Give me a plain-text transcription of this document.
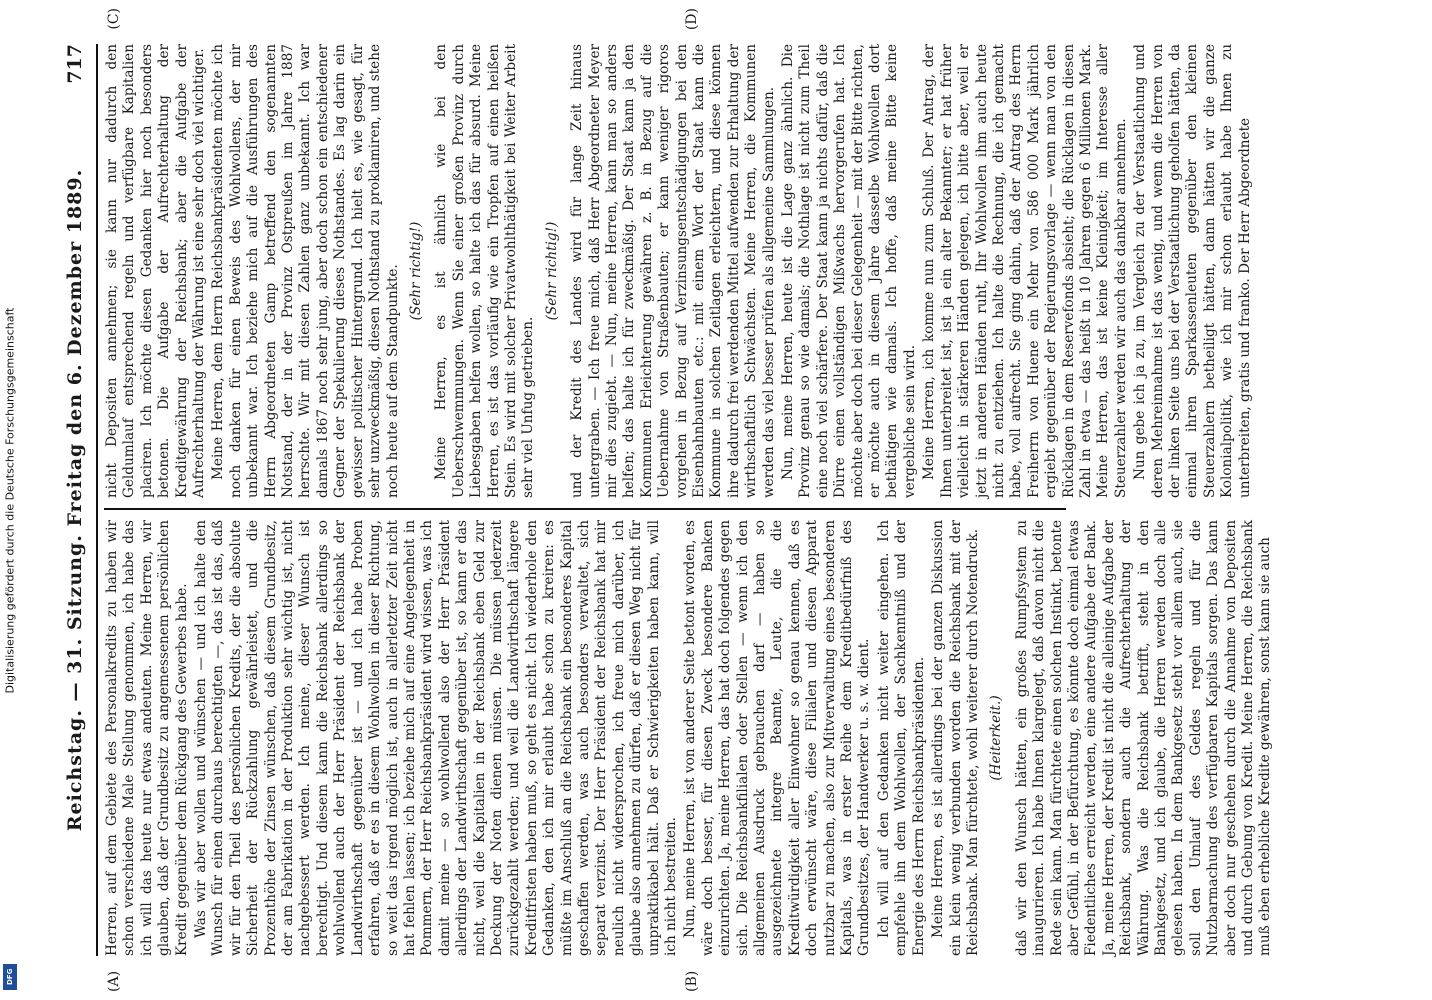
Reichstag. — 31. Sitzung. Freitag den 6. Dezember 1889.
717
(A)	(B)
(C)	(D)

Herren, auf dem Gebiete des Personalkredits zu haben wir schon verschiedene Male Stellung genommen, ich habe das ich will das heute nur etwas andeuten. Meine Herren, wir glauben, daß der Grundbesitz zu angemessenem persönlichen Kredit gegenüber dem Rückgang des Gewerbes habe. Was wir aber wollen und wünschen — und ich halte den Wunsch für einen durchaus berechtigten —, das ist das, daß wir für den Theil des persönlichen Kredits, der die absolute Sicherheit der Rückzahlung gewährleistet, und die Prozenthöhe der Zinsen wünschen, daß diesem Grundbesitz, der am Fabrikation in der Produktion sehr wichtig ist, nicht nachgebessert werden. Ich meine, dieser Wunsch ist berechtigt. Und diesem kann die Reichsbank allerdings so wohlwollend auch der Herr Präsident der Reichsbank der Landwirthschaft gegenüber ist — und ich habe Proben erfahren, daß er es in diesem Wohlwollen in dieser Richtung, so weit das irgend möglich ist, auch in allerletzter Zeit nicht hat fehlen lassen; ich beziehe mich auf eine Angelegenheit in Pommern, der Herr Reichsbankpräsident wird wissen, was ich damit meine — so wohlwollend also der Herr Präsident allerdings der Landwirthschaft gegenüber ist, so kann er das nicht, weil die Kapitalien in der Reichsbank eben Geld zur Deckung der Noten dienen müssen. Die müssen jederzeit zurückgezahlt werden; und weil die Landwirthschaft längere Kreditfristen haben muß, so geht es nicht. Ich wiederhole den Gedanken, den ich mir erlaubt habe schon zu kreiren: es müßte im Anschluß an die Reichsbank ein besonderes Kapital geschaffen werden, was auch besonders verwaltet, sich separat verzinst. Der Herr Präsident der Reichsbank hat mir neulich nicht widersprochen, ich freue mich darüber, ich glaube also annehmen zu dürfen, daß er diesen Weg nicht für unpraktikabel hält. Daß er Schwierigkeiten haben kann, will ich nicht bestreiten. Nun, meine Herren, ist von anderer Seite betont worden, es wäre doch besser, für diesen Zweck besondere Banken einzurichten. Ja, meine Herren, das hat doch folgendes gegen sich. Die Reichsbankfilialen oder Stellen — wenn ich den allgemeinen Ausdruck gebrauchen darf — haben so ausgezeichnete integre Beamte, Leute, die die Kreditwürdigkeit aller Einwohner so genau kennen, daß es doch erwünscht wäre, diese Filialen und diesen Apparat nutzbar zu machen, also zur Mitverwaltung eines besonderen Kapitals, was in erster Reihe dem Kreditbedürfniß des Grundbesitzes, der Handwerker u. s. w. dient. Ich will auf den Gedanken nicht weiter eingehen. Ich empfehle ihn dem Wohlwollen, der Sachkenntniß und der Energie des Herrn Reichsbankpräsidenten. Meine Herren, es ist allerdings bei der ganzen Diskussion ein klein wenig verbunden worden die Reichsbank mit der Reichsbank. Man fürchtete, wohl weiterer durch Notendruck. (Heiterkeit.) daß wir den Wunsch hätten, ein großes Rumpfsystem zu inaugurieren. Ich habe Ihnen klargelegt, daß davon nicht die Rede sein kann. Man fürchtete einen solchen Instinkt, betonte aber Gefühl, in der Befürchtung, es könnte doch einmal etwas Fiedentliches erreicht werden, eine andere Aufgabe der Bank. Ja, meine Herren, der Kredit ist nicht die alleinige Aufgabe der Reichsbank, sondern auch die Aufrechterhaltung der Währung. Was die Reichsbank betrifft, steht in den Bankgesetz, und ich glaube, die Herren werden doch alle gelesen haben. In dem Bankgesetz steht vor allem auch, sie soll den Umlauf des Geldes regeln und für die Nutzbarmachung des verfügbaren Kapitals sorgen. Das kann aber doch nur geschehen durch die Annahme von Depositen und durch Gebung von Kredit. Meine Herren, die Reichsbank muß eben erhebliche Kredite gewähren, sonst kann sie auch

nicht Depositen annehmen; sie kann nur dadurch den Geldumlauf entsprechend regeln und verfügbare Kapitalien placiren. Ich möchte diesen Gedanken hier noch besonders betonen. Die Aufgabe der Aufrechterhaltung der Kreditgewährung der Reichsbank; aber die Aufgabe der Aufrechterhaltung der Währung ist eine sehr doch viel wichtiger. Meine Herren, dem Herrn Reichsbankpräsidenten möchte ich noch danken für einen Beweis des Wohlwollens, der mir unbekannt war. Ich beziehe mich auf die Ausführungen des Herrn Abgeordneten Gamp betreffend den sogenannten Notstand, der in der Provinz Ostpreußen im Jahre 1887 herrschte. Wir mit diesen Zahlen ganz unbekannt. Ich war damals 1867 noch sehr jung, aber doch schon ein entschiedener Gegner der Spekulierung dieses Nothstandes. Es lag darin ein gewisser politischer Hintergrund. Ich hielt es, wie gesagt, für sehr unzweckmäßig, diesen Nothstand zu proklamiren, und stehe noch heute auf dem Standpunkte. (Sehr richtig!) Meine Herren, es ist ähnlich wie bei den Ueberschwemmungen. Wenn Sie einer großen Provinz durch Liebesgaben helfen wollen, so halte ich das für absurd. Meine Herren, es ist das vorläufig wie ein Tropfen auf einen heißen Stein. Es wird mit solcher Privatwohlthätigkeit bei Weiter Arbeit sehr viel Unfug getrieben.

(Sehr richtig!) und der Kredit des Landes wird für lange Zeit hinaus untergraben. — Ich freue mich, daß Herr Abgeordneter Meyer mir dies zugiebt. — Nun, meine Herren, kann man so anders helfen; das halte ich für zweckmäßig. Der Staat kann ja den Kommunen Erleichterung gewähren z. B. in Bezug auf die Uebernahme von Straßenbauten; er kann weniger rigoros vorgehen in Bezug auf Verzinsungsentschädigungen bei den Eisenbahnbauten etc.: mit einem Wort der Staat kann die Kommune in solchen Zeitlagen erleichtern, und diese können ihre dadurch frei werdenden Mittel aufwenden zur Erhaltung der wirthschaftlich Schwächsten. Meine Herren, die Kommunen werden das viel besser prüfen als allgemeine Sammlungen. Nun, meine Herren, heute ist die Lage ganz ähnlich. Die Provinz genau so wie damals; die Nothlage ist nicht zum Theil eine noch viel schärfere. Der Staat kann ja nichts dafür, daß die Dürre einen vollständigen Mißwachs hervorgerufen hat. Ich möchte aber doch bei dieser Gelegenheit — mit der Bitte richten, er möchte auch in diesem Jahre dasselbe Wohlwollen dort bethätigen wie damals. Ich hoffe, daß meine Bitte keine vergebliche sein wird. Meine Herren, ich komme nun zum Schluß. Der Antrag, der Ihnen unterbreitet ist, ist ja ein alter Bekannter; er hat früher vielleicht in stärkeren Händen gelegen, ich bitte aber, weil er jetzt in anderen Händen ruht, Ihr Wohlwollen ihm auch heute nicht zu entziehen. Ich halte die Rechnung, die ich gemacht habe, voll aufrecht. Sie ging dahin, daß der Antrag des Herrn Freiherrn von Huene ein Mehr von 586 000 Mark jährlich ergiebt gegenüber der Regierungsvorlage — wenn man von den Rücklagen in dem Reservefonds absieht; die Rücklagen in diesen Zahl in etwa — das heißt in 10 Jahren gegen 6 Millionen Mark. Meine Herren, das ist keine Kleinigkeit; im Interesse aller Steuerzahler werden wir auch das dankbar annehmen. Nun gebe ich ja zu, im Vergleich zu der Verstaatlichung und deren Mehreinnahme ist das wenig, und wenn die Herren von der linken Seite uns bei der Verstaatlichung geholfen hätten, da einmal ihren Sparkassenleuten gegenüber den kleinen Steuerzahlern betheiligt hätten, dann hätten wir die ganze Kolonialpolitik, wie ich mir schon erlaubt habe Ihnen zu unterbreiten, gratis und franko. Der Herr Abgeordnete

Digitalisierung gefördert durch die Deutsche Forschungsgemeinschaft
DFG
